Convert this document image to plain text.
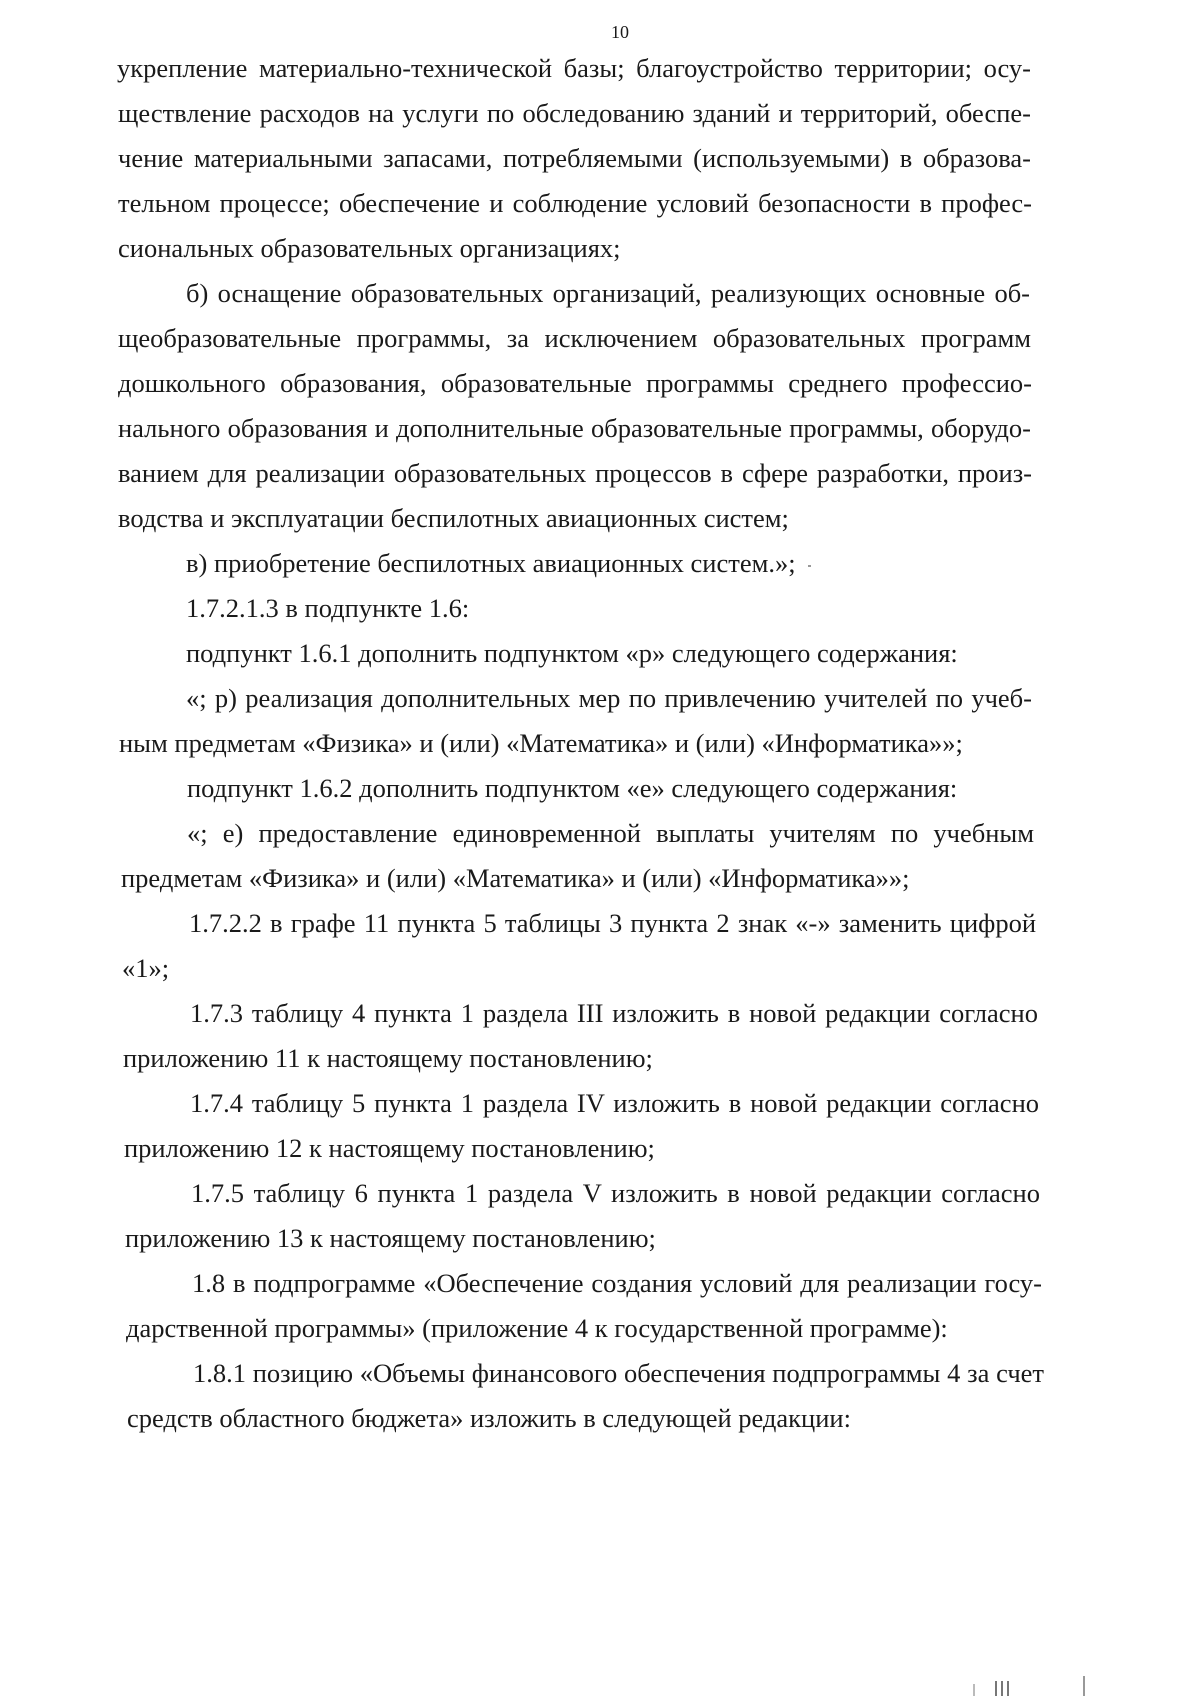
10
укрепление материально-технической базы; благоустройство территории; осу-
ществление расходов на услуги по обследованию зданий и территорий, обеспе-
чение материальными запасами, потребляемыми (используемыми) в образова-
тельном процессе; обеспечение и соблюдение условий безопасности в профес-
сиональных образовательных организациях;
б) оснащение образовательных организаций, реализующих основные об-
щеобразовательные программы, за исключением образовательных программ
дошкольного образования, образовательные программы среднего профессио-
нального образования и дополнительные образовательные программы, оборудо-
ванием для реализации образовательных процессов в сфере разработки, произ-
водства и эксплуатации беспилотных авиационных систем;
в) приобретение беспилотных авиационных систем.»;
1.7.2.1.3 в подпункте 1.6:
подпункт 1.6.1 дополнить подпунктом «р» следующего содержания:
«; р) реализация дополнительных мер по привлечению учителей по учеб-
ным предметам «Физика» и (или) «Математика» и (или) «Информатика»»;
подпункт 1.6.2 дополнить подпунктом «е» следующего содержания:
«; е) предоставление единовременной выплаты учителям по учебным
предметам «Физика» и (или) «Математика» и (или) «Информатика»»;
1.7.2.2 в графе 11 пункта 5 таблицы 3 пункта 2 знак «-» заменить цифрой
«1»;
1.7.3 таблицу 4 пункта 1 раздела III изложить в новой редакции согласно
приложению 11 к настоящему постановлению;
1.7.4 таблицу 5 пункта 1 раздела IV изложить в новой редакции согласно
приложению 12 к настоящему постановлению;
1.7.5 таблицу 6 пункта 1 раздела V изложить в новой редакции согласно
приложению 13 к настоящему постановлению;
1.8 в подпрограмме «Обеспечение создания условий для реализации госу-
дарственной программы» (приложение 4 к государственной программе):
1.8.1 позицию «Объемы финансового обеспечения подпрограммы 4 за счет
средств областного бюджета» изложить в следующей редакции:
